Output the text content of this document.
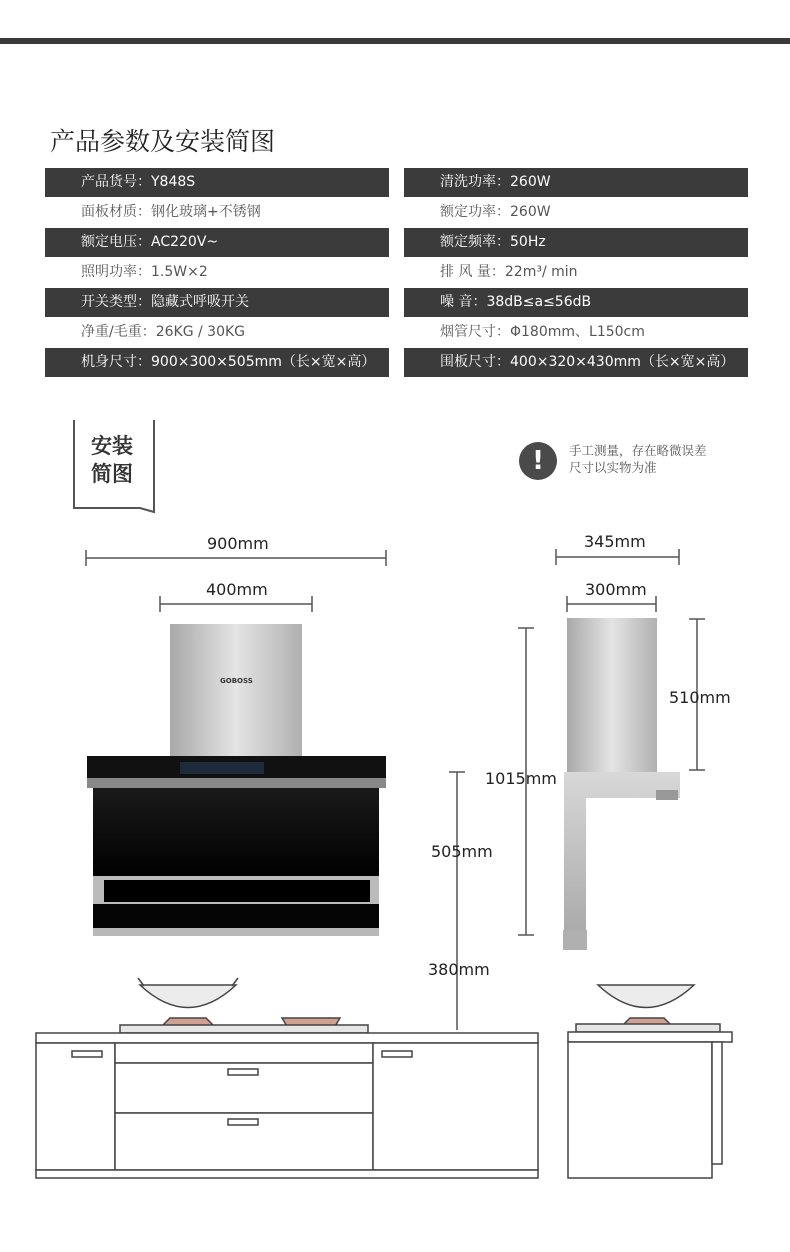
产品参数及安装简图
产品货号：Y848S
面板材质：钢化玻璃+不锈钢
额定电压：AC220V~
照明功率：1.5W×2
开关类型：隐藏式呼吸开关
净重/毛重：26KG / 30KG
机身尺寸：900×300×505mm（长×宽×高）
清洗功率：260W
额定功率：260W
额定频率：50Hz
排 风 量：22m³/ min
噪 音：38dB≤a≤56dB
烟管尺寸：Φ180mm、L150cm
围板尺寸：400×320×430mm（长×宽×高）
安装
简图	!	手工测量，存在略微误差
尺寸以实物为准
900mm
400mm
345mm
300mm
510mm
1015mm
505mm
380mm
GOBOSS
